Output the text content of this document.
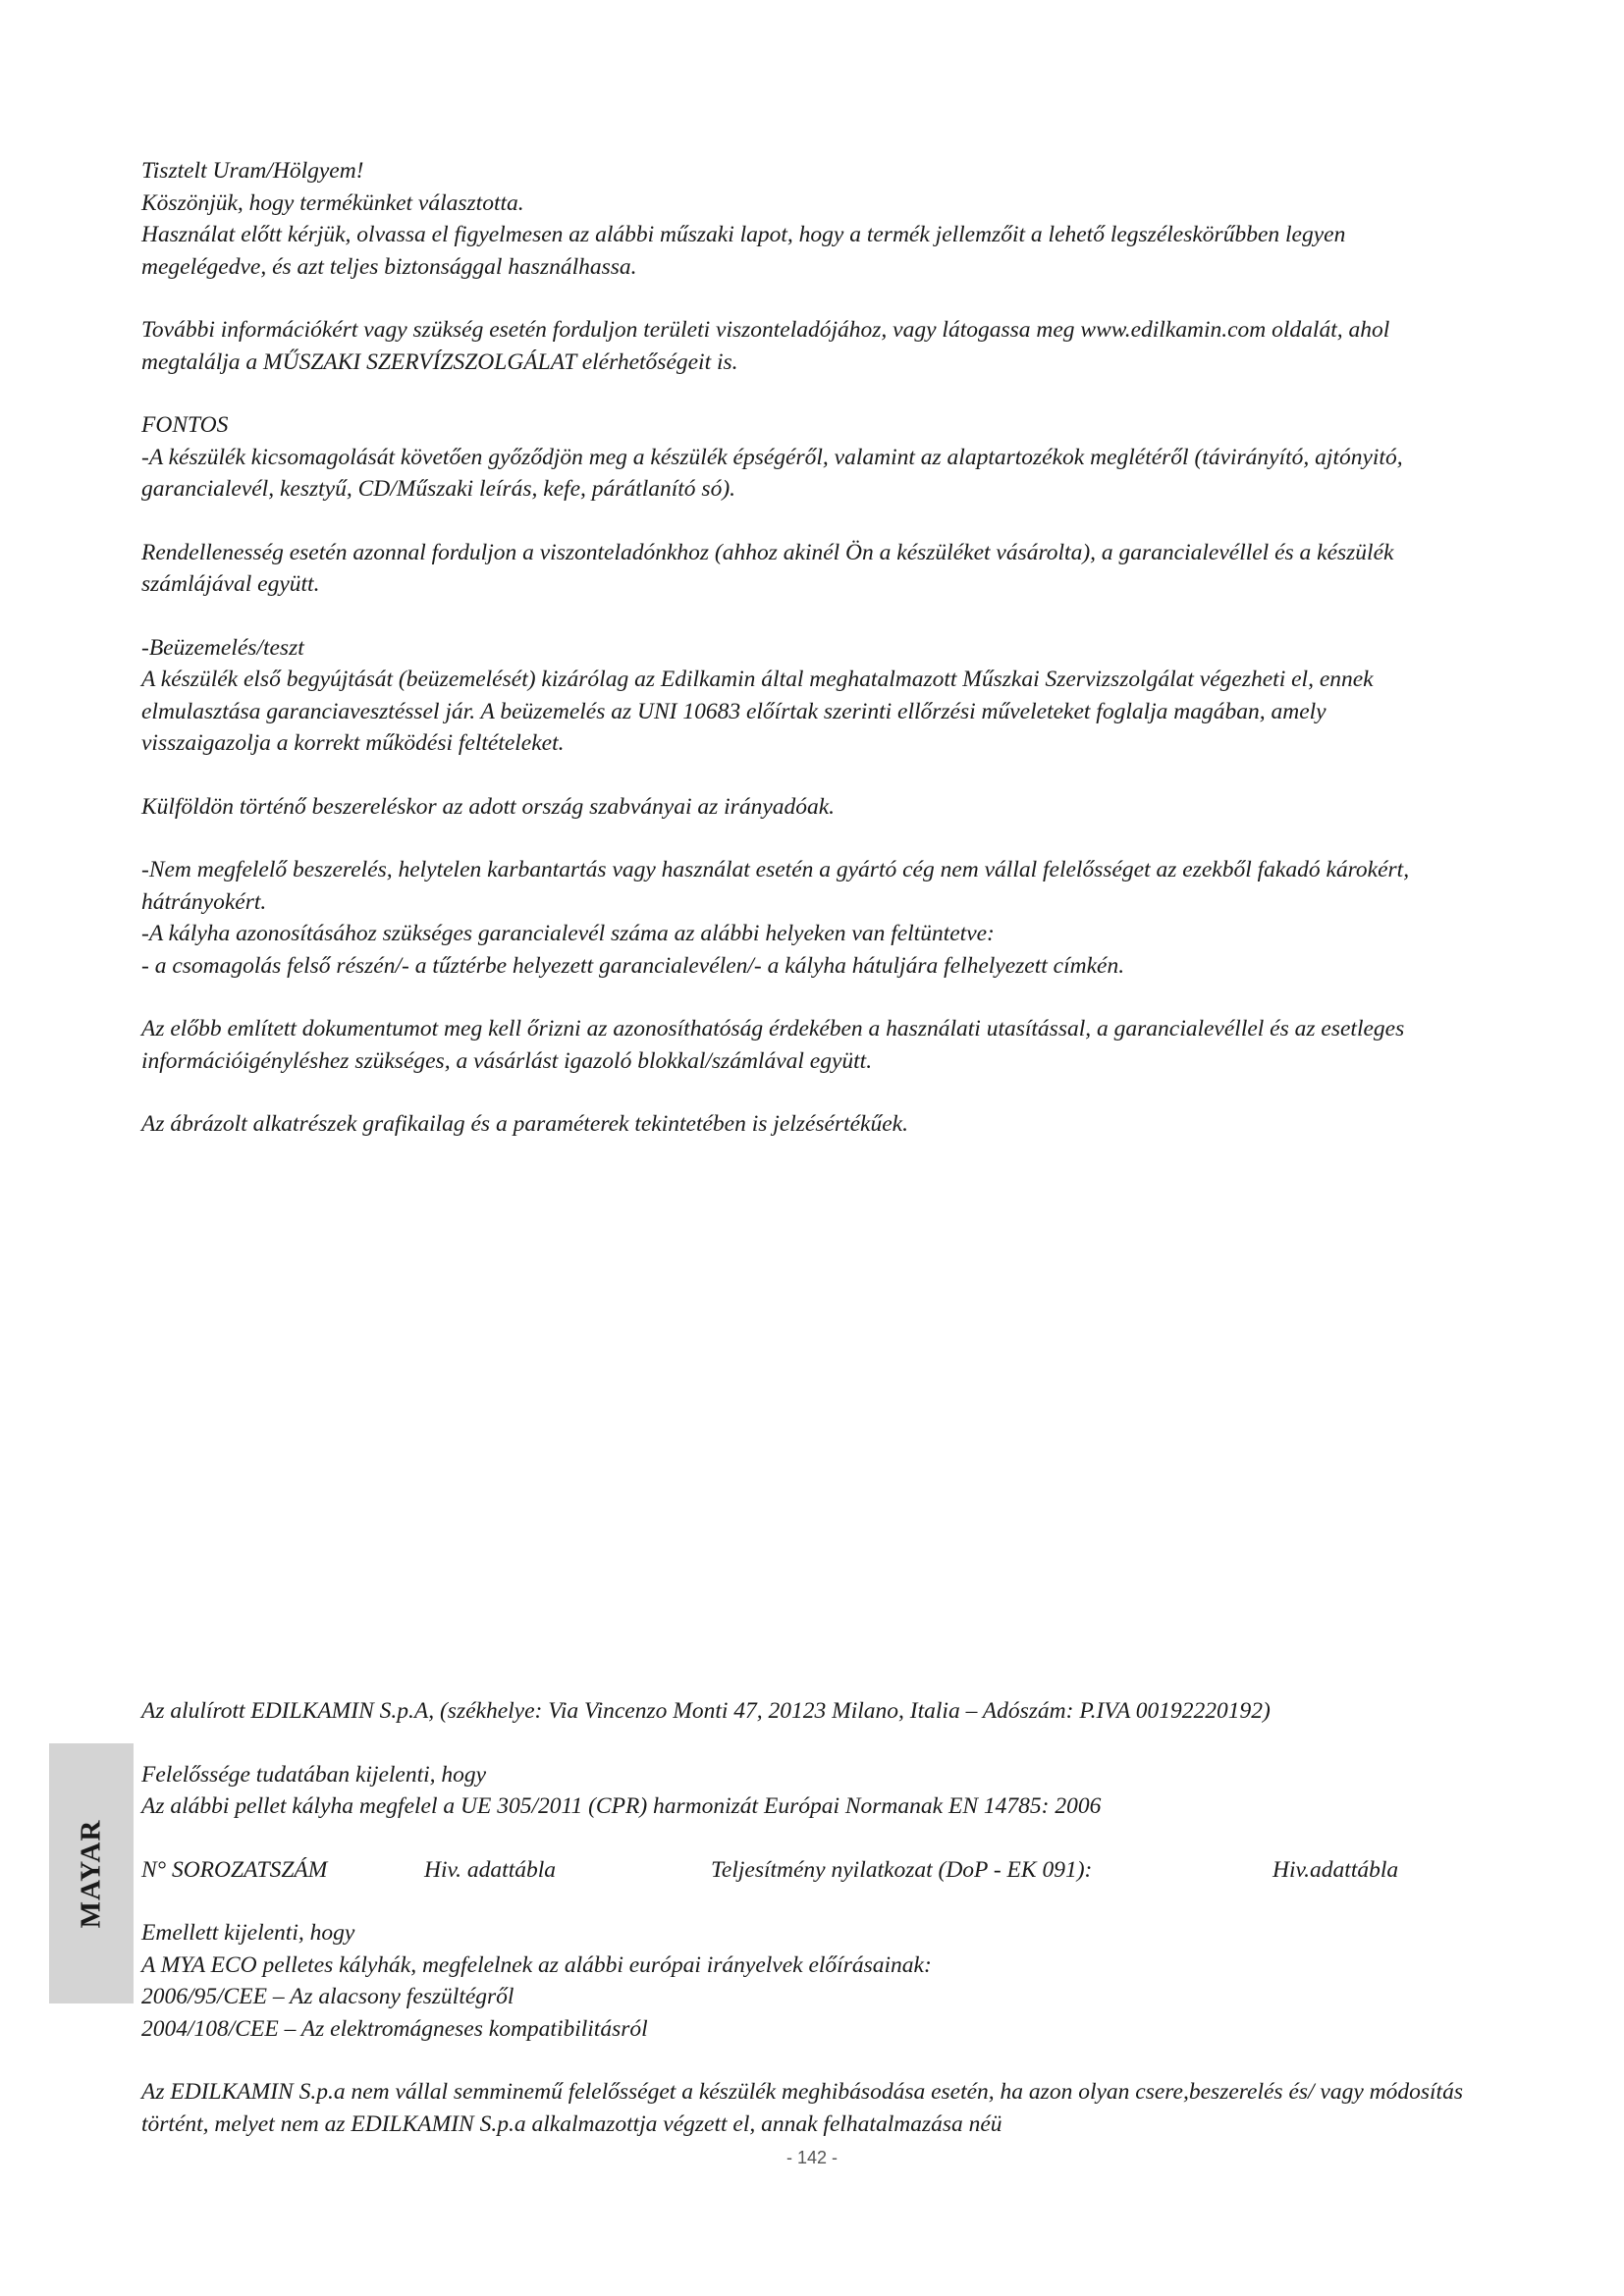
Tisztelt Uram/Hölgyem!

Köszönjük, hogy termékünket választotta.

Használat előtt kérjük, olvassa el figyelmesen az alábbi műszaki lapot, hogy a termék jellemzőit a lehető legszéleskörűbben legyen megelégedve, és azt teljes biztonsággal használhassa.

További információkért vagy szükség esetén forduljon területi viszonteladójához, vagy látogassa meg www.edilkamin.com oldalát, ahol megtalálja a MŰSZAKI SZERVÍZSZOLGÁLAT elérhetőségeit is.

FONTOS

-A készülék kicsomagolását követően győződjön meg a készülék épségéről, valamint az alaptartozékok meglétéről (távirányító, ajtónyitó, garancialevél, kesztyű, CD/Műszaki leírás, kefe, párátlanító só).

Rendellenesség esetén azonnal forduljon a viszonteladónkhoz (ahhoz akinél Ön a készüléket vásárolta), a garancialevéllel és a készülék számlájával együtt.

-Beüzemelés/teszt

A készülék első begyújtását (beüzemelését) kizárólag az Edilkamin által meghatalmazott Műszkai Szervizszolgálat végezheti el, ennek elmulasztása garanciavesztéssel jár. A beüzemelés az UNI 10683 előírtak szerinti ellőrzési műveleteket foglalja magában, amely visszaigazolja a korrekt működési feltételeket.

Külföldön történő beszereléskor az adott ország szabványai az irányadóak.

-Nem megfelelő beszerelés, helytelen karbantartás vagy használat esetén a gyártó cég nem vállal felelősséget az ezekből fakadó károkért, hátrányokért.

-A kályha azonosításához szükséges garancialevél száma az alábbi helyeken van feltüntetve:

- a csomagolás felső részén/- a tűztérbe helyezett garancialevélen/- a kályha hátuljára felhelyezett címkén.

Az előbb említett dokumentumot meg kell őrizni az azonosíthatóság érdekében a használati utasítással, a garancialevéllel és az esetleges információigényléshez szükséges, a vásárlást igazoló blokkal/számlával együtt.

Az ábrázolt alkatrészek grafikailag és a paraméterek tekintetében is jelzésértékűek.

MAYAR

Az alulírott EDILKAMIN S.p.A, (székhelye: Via Vincenzo Monti 47, 20123 Milano, Italia – Adószám: P.IVA 00192220192)

Felelőssége tudatában kijelenti, hogy

Az alábbi pellet kályha megfelel a UE 305/2011 (CPR) harmonizát Európai Normanak EN 14785: 2006

N° SOROZATSZÁM	Hiv. adattábla	Teljesítmény nyilatkozat (DoP - EK 091):	Hiv.adattábla

Emellett kijelenti, hogy

A MYA ECO pelletes kályhák, megfelelnek az alábbi európai irányelvek előírásainak:

2006/95/CEE – Az alacsony feszültégről

2004/108/CEE – Az elektromágneses kompatibilitásról

Az EDILKAMIN S.p.a nem vállal semminemű felelősséget a készülék meghibásodása esetén, ha azon olyan csere,beszerelés és/ vagy módosítás történt, melyet nem az EDILKAMIN S.p.a alkalmazottja végzett el, annak felhatalmazása néü

- 142 -
